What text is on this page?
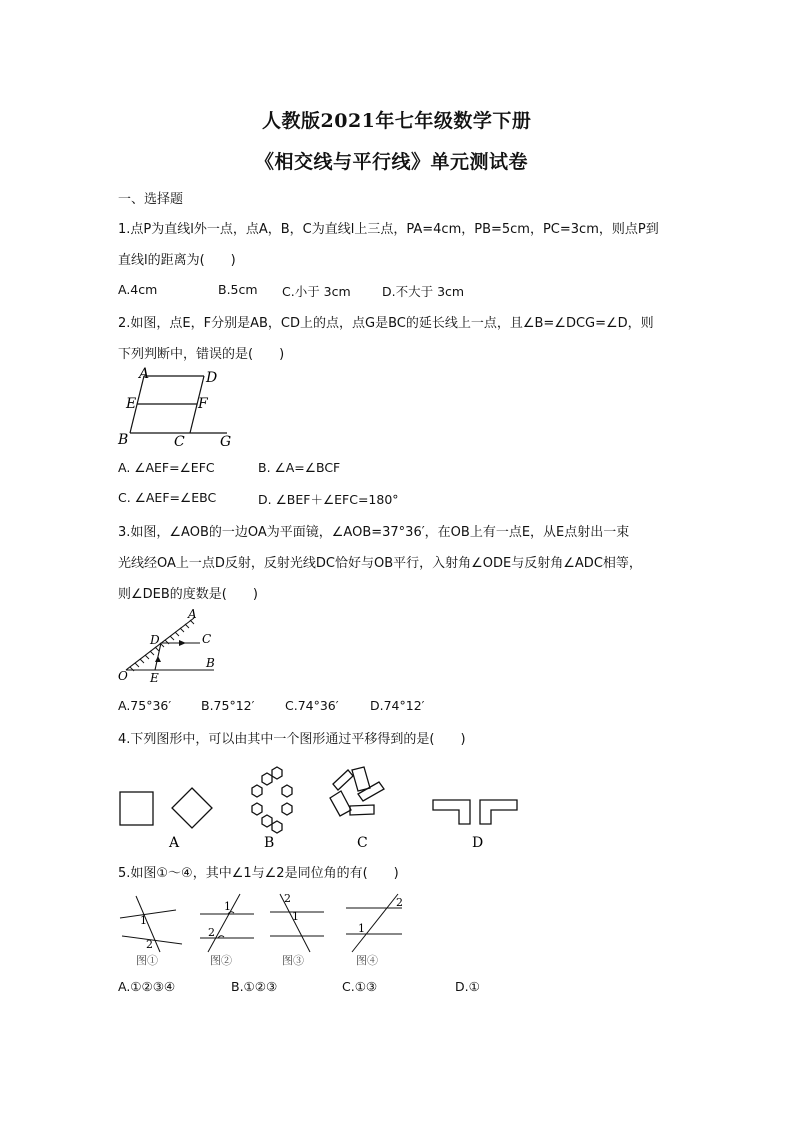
人教版2021年七年级数学下册
《相交线与平行线》单元测试卷
一、选择题
1.点P为直线l外一点，点A，B，C为直线l上三点，PA=4cm，PB=5cm，PC=3cm，则点P到
直线l的距离为(　　)
A.4cm	B.5cm C.小于 3cm	D.不大于 3cm
2.如图，点E，F分别是AB，CD上的点，点G是BC的延长线上一点，且∠B=∠DCG=∠D，则
下列判断中，错误的是(　　)
A	D
E	F
B	C	G
A. ∠AEF=∠EFC	B. ∠A=∠BCF
C. ∠AEF=∠EBC	D. ∠BEF＋∠EFC=180°
3.如图，∠AOB的一边OA为平面镜，∠AOB=37°36′，在OB上有一点E，从E点射出一束
光线经OA上一点D反射，反射光线DC恰好与OB平行，入射角∠ODE与反射角∠ADC相等，
则∠DEB的度数是(　　)
A
D	C
B
O E
A.75°36′ B.75°12′ C.74°36′	D.74°12′
4.下列图形中，可以由其中一个图形通过平移得到的是(　　)
A	B	C	D
5.如图①～④，其中∠1与∠2是同位角的有(　　)
1
2
1
2
2
1
2
1
图①	图②	图③	图④
A.①②③④	B.①②③	C.①③	D.①
